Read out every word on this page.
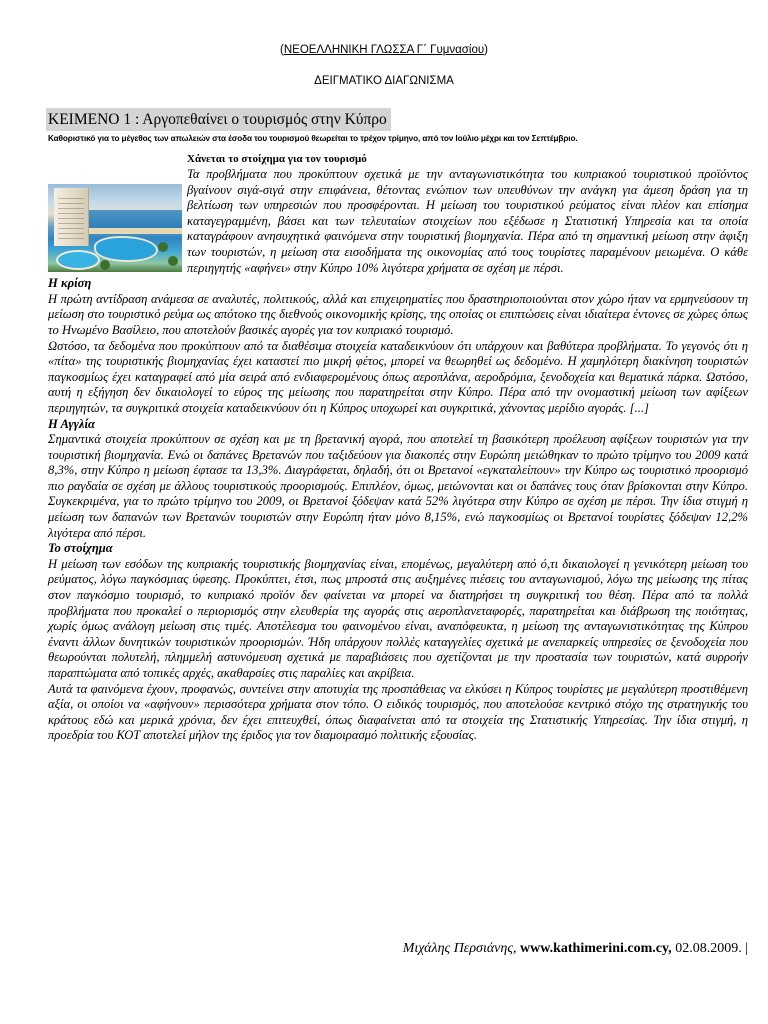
(ΝΕΟΕΛΛΗΝΙΚΗ ΓΛΩΣΣΑ Γ΄ Γυμνασίου)
ΔΕΙΓΜΑΤΙΚΟ ΔΙΑΓΩΝΙΣΜΑ
ΚΕΙΜΕΝΟ 1 : Αργοπεθαίνει ο τουρισμός στην Κύπρο
Καθοριστικό για το μέγεθος των απωλειών στα έσοδα του τουρισμού θεωρείται το τρέχον τρίμηνο, από τον Ιούλιο μέχρι και τον Σεπτέμβριο.

Χάνεται το στοίχημα για τον τουρισμό

Τα προβλήματα που προκύπτουν σχετικά με την ανταγωνιστικότητα του κυπριακού τουριστικού προϊόντος βγαίνουν σιγά-σιγά στην επιφάνεια, θέτοντας ενώπιον των υπευθύνων την ανάγκη για άμεση δράση για τη βελτίωση των υπηρεσιών που προσφέρονται. Η μείωση του τουριστικού ρεύματος είναι πλέον και επίσημα καταγεγραμμένη, βάσει και των τελευταίων στοιχείων που εξέδωσε η Στατιστική Υπηρεσία και τα οποία καταγράφουν ανησυχητικά φαινόμενα στην τουριστική βιομηχανία. Πέρα από τη σημαντική μείωση στην άφιξη των τουριστών, η μείωση στα εισοδήματα της οικονομίας από τους τουρίστες παραμένουν μειωμένα. Ο κάθε περιηγητής «αφήνει» στην Κύπρο 10% λιγότερα χρήματα σε σχέση με πέρσι.

Η κρίση

Η πρώτη αντίδραση ανάμεσα σε αναλυτές, πολιτικούς, αλλά και επιχειρηματίες που δραστηριοποιούνται στον χώρο ήταν να ερμηνεύσουν τη μείωση στο τουριστικό ρεύμα ως απότοκο της διεθνούς οικονομικής κρίσης, της οποίας οι επιπτώσεις είναι ιδιαίτερα έντονες σε χώρες όπως το Ηνωμένο Βασίλειο, που αποτελούν βασικές αγορές για τον κυπριακό τουρισμό.

Ωστόσο, τα δεδομένα που προκύπτουν από τα διαθέσιμα στοιχεία καταδεικνύουν ότι υπάρχουν και βαθύτερα προβλήματα. Το γεγονός ότι η «πίτα» της τουριστικής βιομηχανίας έχει καταστεί πιο μικρή φέτος, μπορεί να θεωρηθεί ως δεδομένο. Η χαμηλότερη διακίνηση τουριστών παγκοσμίως έχει καταγραφεί από μία σειρά από ενδιαφερομένους όπως αεροπλάνα, αεροδρόμια, ξενοδοχεία και θεματικά πάρκα. Ωστόσο, αυτή η εξήγηση δεν δικαιολογεί το εύρος της μείωσης που παρατηρείται στην Κύπρο. Πέρα από την ονομαστική μείωση των αφίξεων περιηγητών, τα συγκριτικά στοιχεία καταδεικνύουν ότι η Κύπρος υποχωρεί και συγκριτικά, χάνοντας μερίδιο αγοράς. [...]

Η Αγγλία

Σημαντικά στοιχεία προκύπτουν σε σχέση και με τη βρετανική αγορά, που αποτελεί τη βασικότερη προέλευση αφίξεων τουριστών για την τουριστική βιομηχανία. Ενώ οι δαπάνες Βρετανών που ταξιδεύουν για διακοπές στην Ευρώπη μειώθηκαν το πρώτο τρίμηνο του 2009 κατά 8,3%, στην Κύπρο η μείωση έφτασε τα 13,3%. Διαγράφεται, δηλαδή, ότι οι Βρετανοί «εγκαταλείπουν» την Κύπρο ως τουριστικό προορισμό πιο ραγδαία σε σχέση με άλλους τουριστικούς προορισμούς. Επιπλέον, όμως, μειώνονται και οι δαπάνες τους όταν βρίσκονται στην Κύπρο. Συγκεκριμένα, για το πρώτο τρίμηνο του 2009, οι Βρετανοί ξόδεψαν κατά 52% λιγότερα στην Κύπρο σε σχέση με πέρσι. Την ίδια στιγμή η μείωση των δαπανών των Βρετανών τουριστών στην Ευρώπη ήταν μόνο 8,15%, ενώ παγκοσμίως οι Βρετανοί τουρίστες ξόδεψαν 12,2% λιγότερα από πέρσι.

Το στοίχημα

Η μείωση των εσόδων της κυπριακής τουριστικής βιομηχανίας είναι, επομένως, μεγαλύτερη από ό,τι δικαιολογεί η γενικότερη μείωση του ρεύματος, λόγω παγκόσμιας ύφεσης. Προκύπτει, έτσι, πως μπροστά στις αυξημένες πιέσεις του ανταγωνισμού, λόγω της μείωσης της πίτας στον παγκόσμιο τουρισμό, το κυπριακό προϊόν δεν φαίνεται να μπορεί να διατηρήσει τη συγκριτική του θέση. Πέρα από τα πολλά προβλήματα που προκαλεί ο περιορισμός στην ελευθερία της αγοράς στις αεροπλανεταφορές, παρατηρείται και διάβρωση της ποιότητας, χωρίς όμως ανάλογη μείωση στις τιμές. Αποτέλεσμα του φαινομένου είναι, αναπόφευκτα, η μείωση της ανταγωνιστικότητας της Κύπρου έναντι άλλων δυνητικών τουριστικών προορισμών. Ήδη υπάρχουν πολλές καταγγελίες σχετικά με ανεπαρκείς υπηρεσίες σε ξενοδοχεία που θεωρούνται πολυτελή, πλημμελή αστυνόμευση σχετικά με παραβιάσεις που σχετίζονται με την προστασία των τουριστών, κατά συρροήν παραπτώματα από τοπικές αρχές, ακαθαρσίες στις παραλίες και ακρίβεια.

Αυτά τα φαινόμενα έχουν, προφανώς, συντείνει στην αποτυχία της προσπάθειας να ελκύσει η Κύπρος τουρίστες με μεγαλύτερη προστιθέμενη αξία, οι οποίοι να «αφήνουν» περισσότερα χρήματα στον τόπο. Ο ειδικός τουρισμός, που αποτελούσε κεντρικό στόχο της στρατηγικής του κράτους εδώ και μερικά χρόνια, δεν έχει επιτευχθεί, όπως διαφαίνεται από τα στοιχεία της Στατιστικής Υπηρεσίας. Την ίδια στιγμή, η προεδρία του ΚΟΤ αποτελεί μήλον της έριδος για τον διαμοιρασμό πολιτικής εξουσίας.

Μιχάλης Περσιάνης, www.kathimerini.com.cy, 02.08.2009. |
